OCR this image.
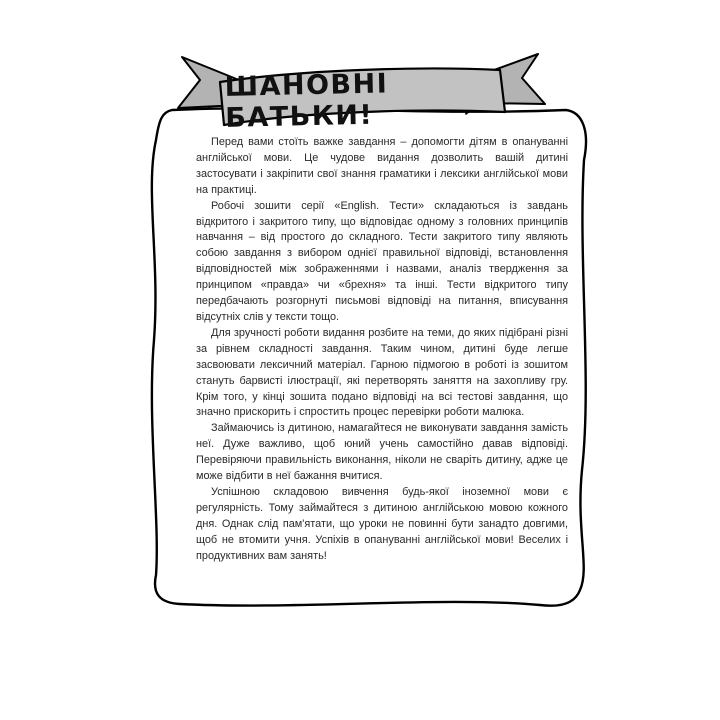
ШАНОВНІ БАТЬКИ!

Перед вами стоїть важке завдання – допомогти дітям в опануванні англійської мови. Це чудове видання дозволить вашій дитині застосувати і закріпити свої знання граматики і лексики англійської мови на практиці.

Робочі зошити серії «English. Тести» складаються із завдань відкритого і закритого типу, що відповідає одному з головних принципів навчання – від простого до складного. Тести закритого типу являють собою завдання з вибором однієї правильної відповіді, встановлення відповідностей між зображеннями і назвами, аналіз твердження за принципом «правда» чи «брехня» та інші. Тести відкритого типу передбачають розгорнуті письмові відповіді на питання, вписування відсутніх слів у тексти тощо.

Для зручності роботи видання розбите на теми, до яких підібрані різні за рівнем складності завдання. Таким чином, дитині буде легше засвоювати лексичний матеріал. Гарною підмогою в роботі із зошитом стануть барвисті ілюстрації, які перетворять заняття на захопливу гру. Крім того, у кінці зошита подано відповіді на всі тестові завдання, що значно прискорить і спростить процес перевірки роботи малюка.

Займаючись із дитиною, намагайтеся не виконувати завдання замість неї. Дуже важливо, щоб юний учень самостійно давав відповіді. Перевіряючи правильність виконання, ніколи не сваріть дитину, адже це може відбити в неї бажання вчитися.

Успішною складовою вивчення будь-якої іноземної мови є регулярність. Тому займайтеся з дитиною англійською мовою кожного дня. Однак слід пам'ятати, що уроки не повинні бути занадто довгими, щоб не втомити учня. Успіхів в опануванні англійської мови! Веселих і продуктивних вам занять!
